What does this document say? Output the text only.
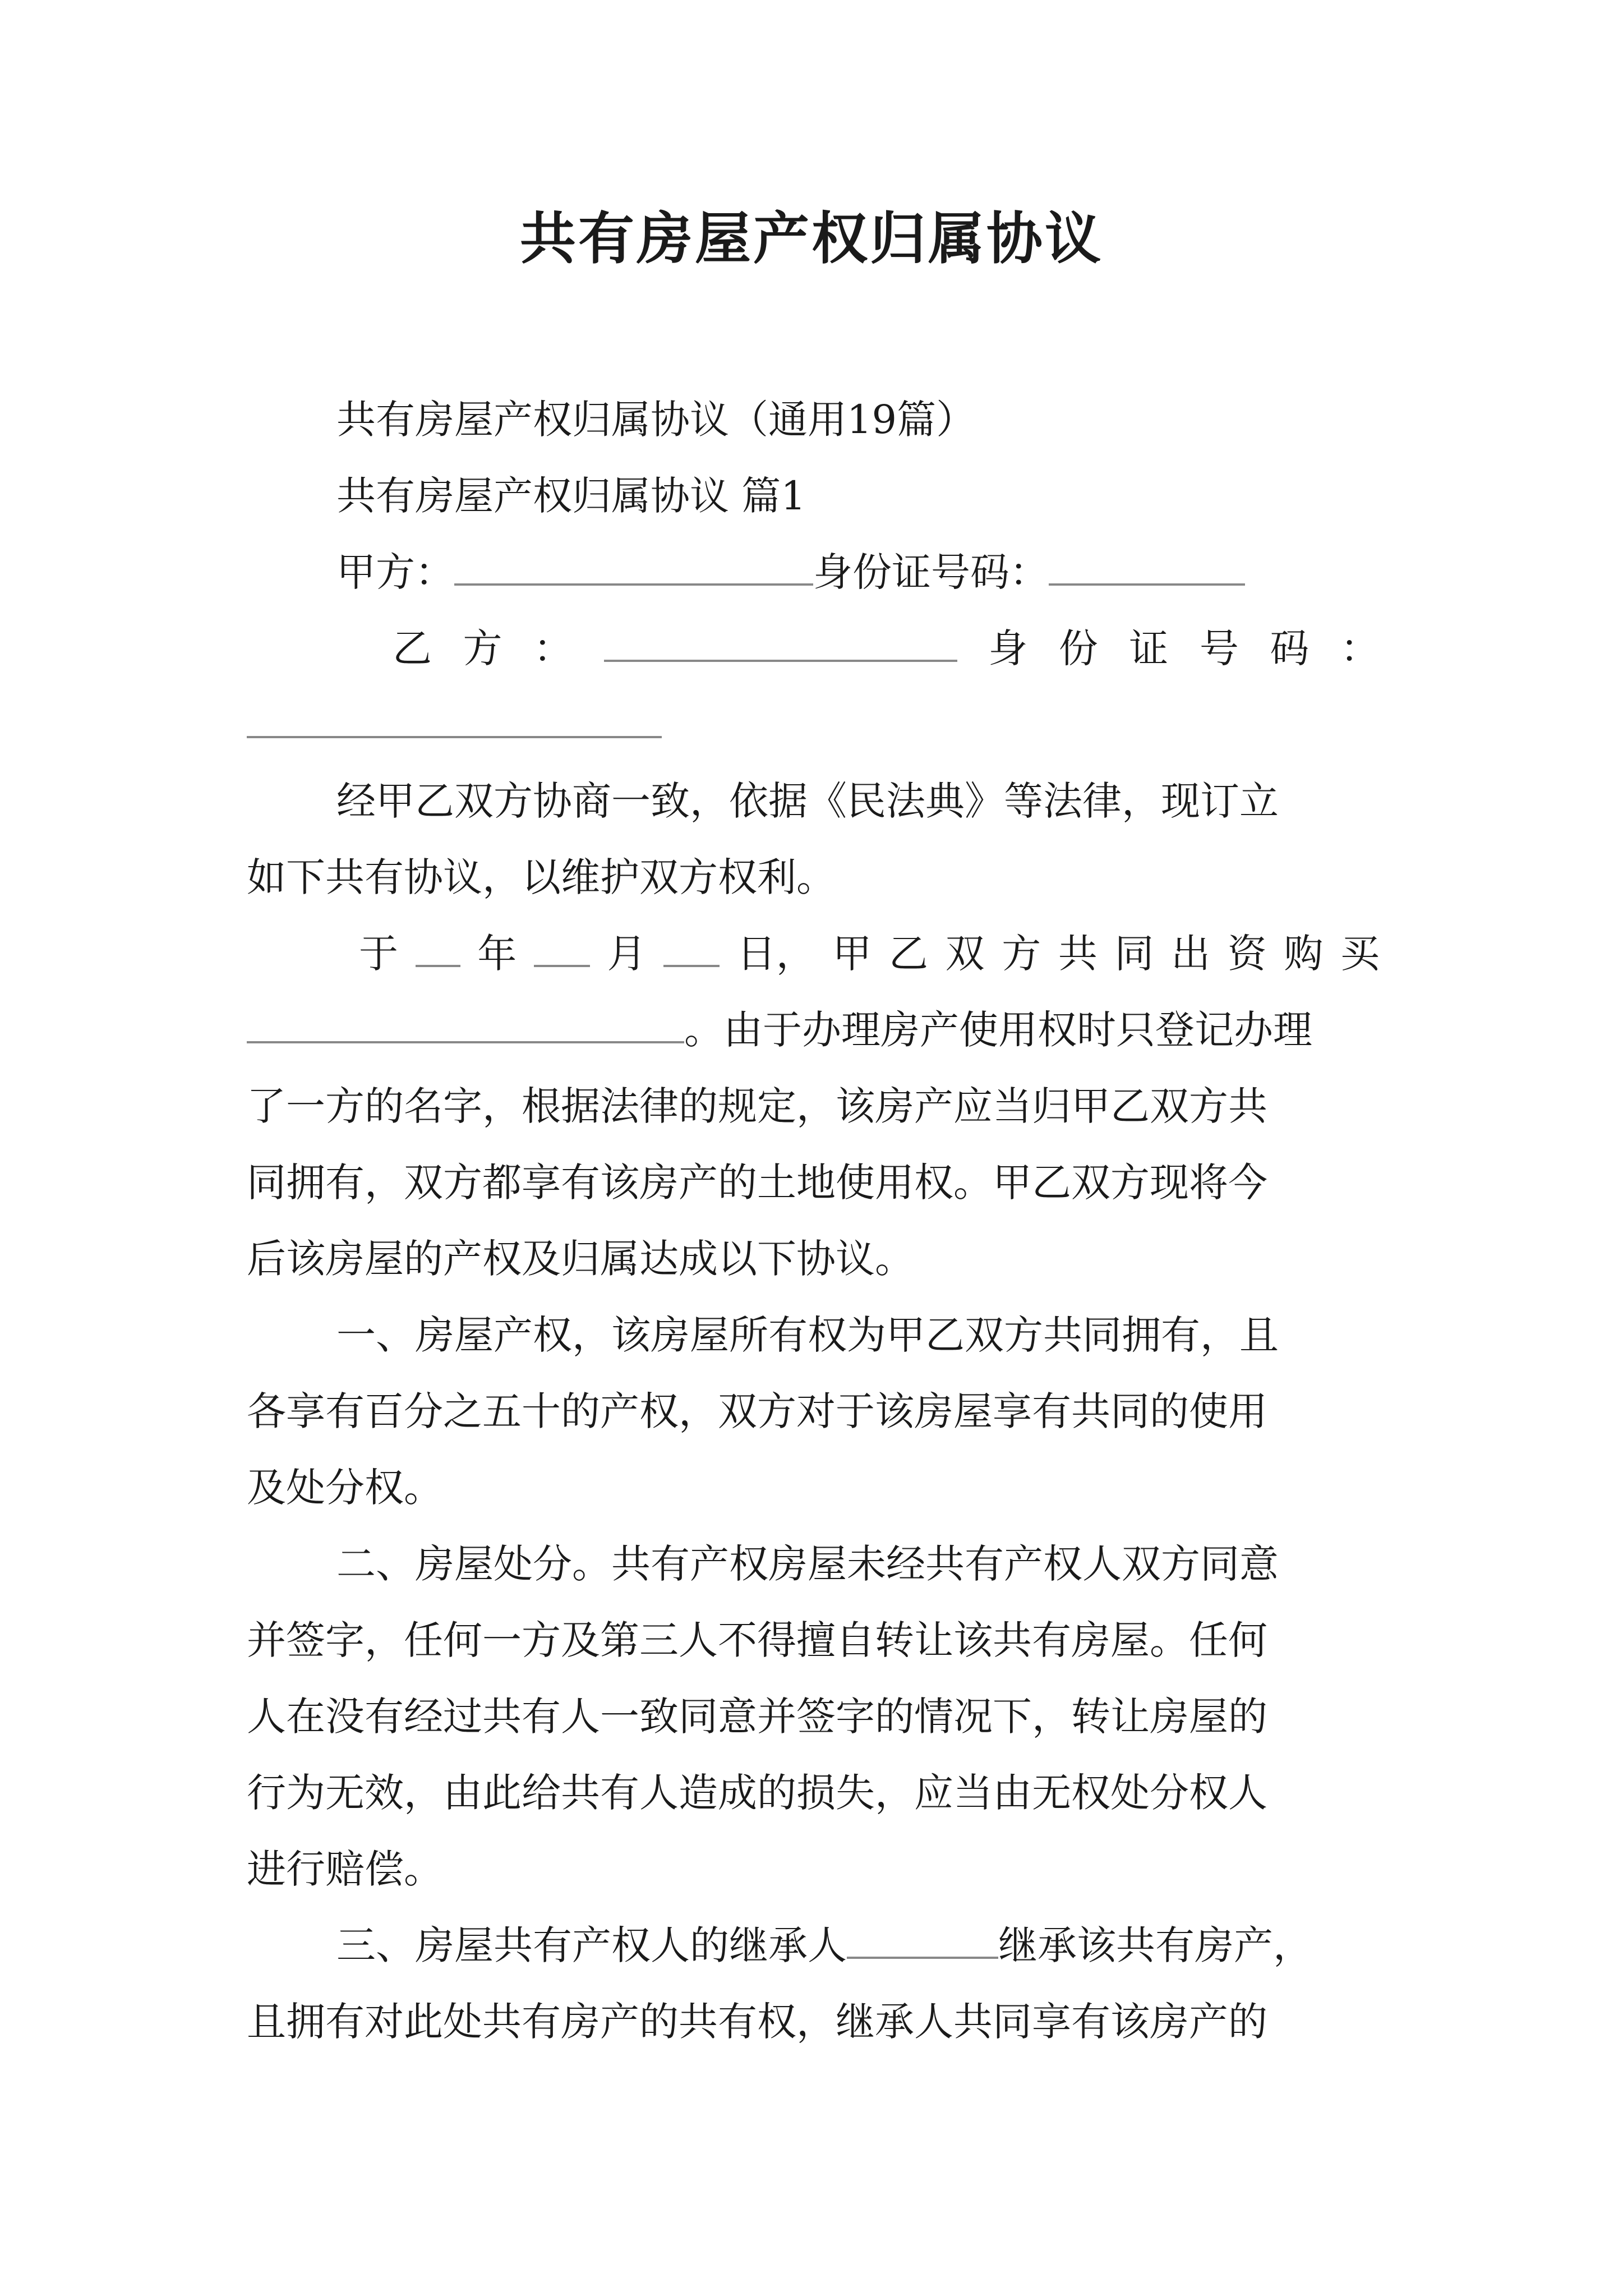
共有房屋产权归属协议
共有房屋产权归属协议（通用19篇）
共有房屋产权归属协议 篇1
甲方：	身份证号码：
乙 方 ：	身 份 证 号 码 ：
经甲乙双方协商一致，依据《民法典》等法律，现订立
如下共有协议，以维护双方权利。
于 年 月 日， 甲 乙 双 方 共 同 出 资 购 买
。由于办理房产使用权时只登记办理
了一方的名字，根据法律的规定，该房产应当归甲乙双方共
同拥有，双方都享有该房产的土地使用权。甲乙双方现将今
后该房屋的产权及归属达成以下协议。
一、房屋产权，该房屋所有权为甲乙双方共同拥有，且
各享有百分之五十的产权，双方对于该房屋享有共同的使用
及处分权。
二、房屋处分。共有产权房屋未经共有产权人双方同意
并签字，任何一方及第三人不得擅自转让该共有房屋。任何
人在没有经过共有人一致同意并签字的情况下，转让房屋的
行为无效，由此给共有人造成的损失，应当由无权处分权人
进行赔偿。
三、房屋共有产权人的继承人	继承该共有房产，
且拥有对此处共有房产的共有权，继承人共同享有该房产的
